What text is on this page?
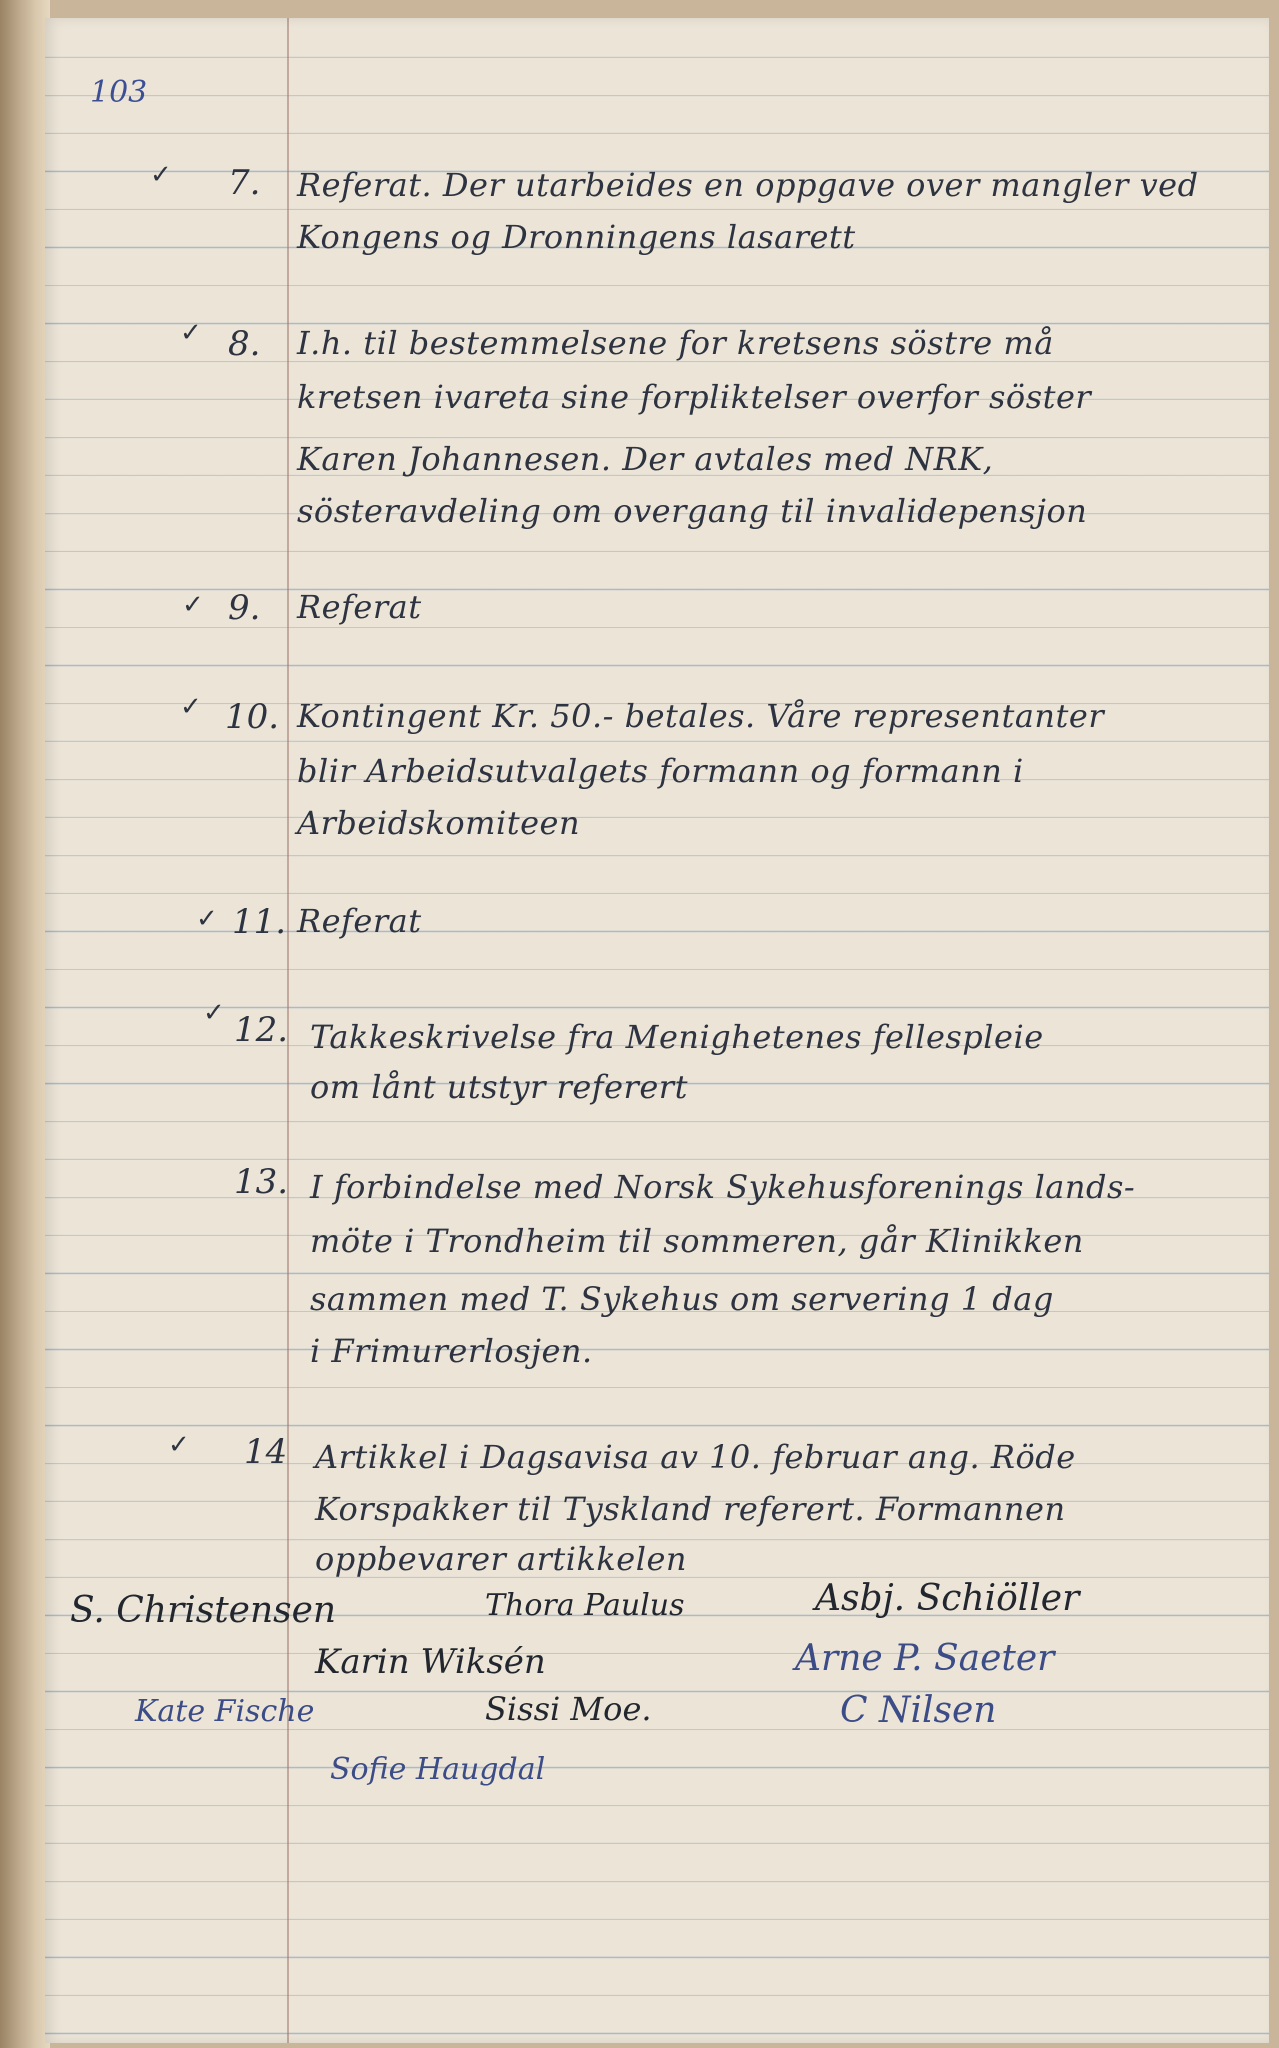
103
✓ 7. Referat. Der utarbeides en oppgave over mangler ved
Kongens og Dronningens lasarett
✓ 8. I.h. til bestemmelsene for kretsens söstre må
kretsen ivareta sine forpliktelser overfor söster
Karen Johannesen. Der avtales med NRK,
sösteravdeling om overgang til invalidepensjon
✓ 9. Referat
✓ 10. Kontingent Kr. 50.- betales. Våre representanter
blir Arbeidsutvalgets formann og formann i
Arbeidskomiteen
✓ 11. Referat
✓ 12. Takkeskrivelse fra Menighetenes fellespleie
om lånt utstyr referert
13. I forbindelse med Norsk Sykehusforenings lands-
möte i Trondheim til sommeren, går Klinikken
sammen med T. Sykehus om servering 1 dag
i Frimurerlosjen.
✓ 14 Artikkel i Dagsavisa av 10. februar ang. Röde
Korspakker til Tyskland referert. Formannen
oppbevarer artikkelen
S. Christensen	Thora Paulus	Asbj. Schiöller
Karin Wiksén	Arne P. Saeter
Kate Fische	Sissi Moe.	C Nilsen
Sofie Haugdal
